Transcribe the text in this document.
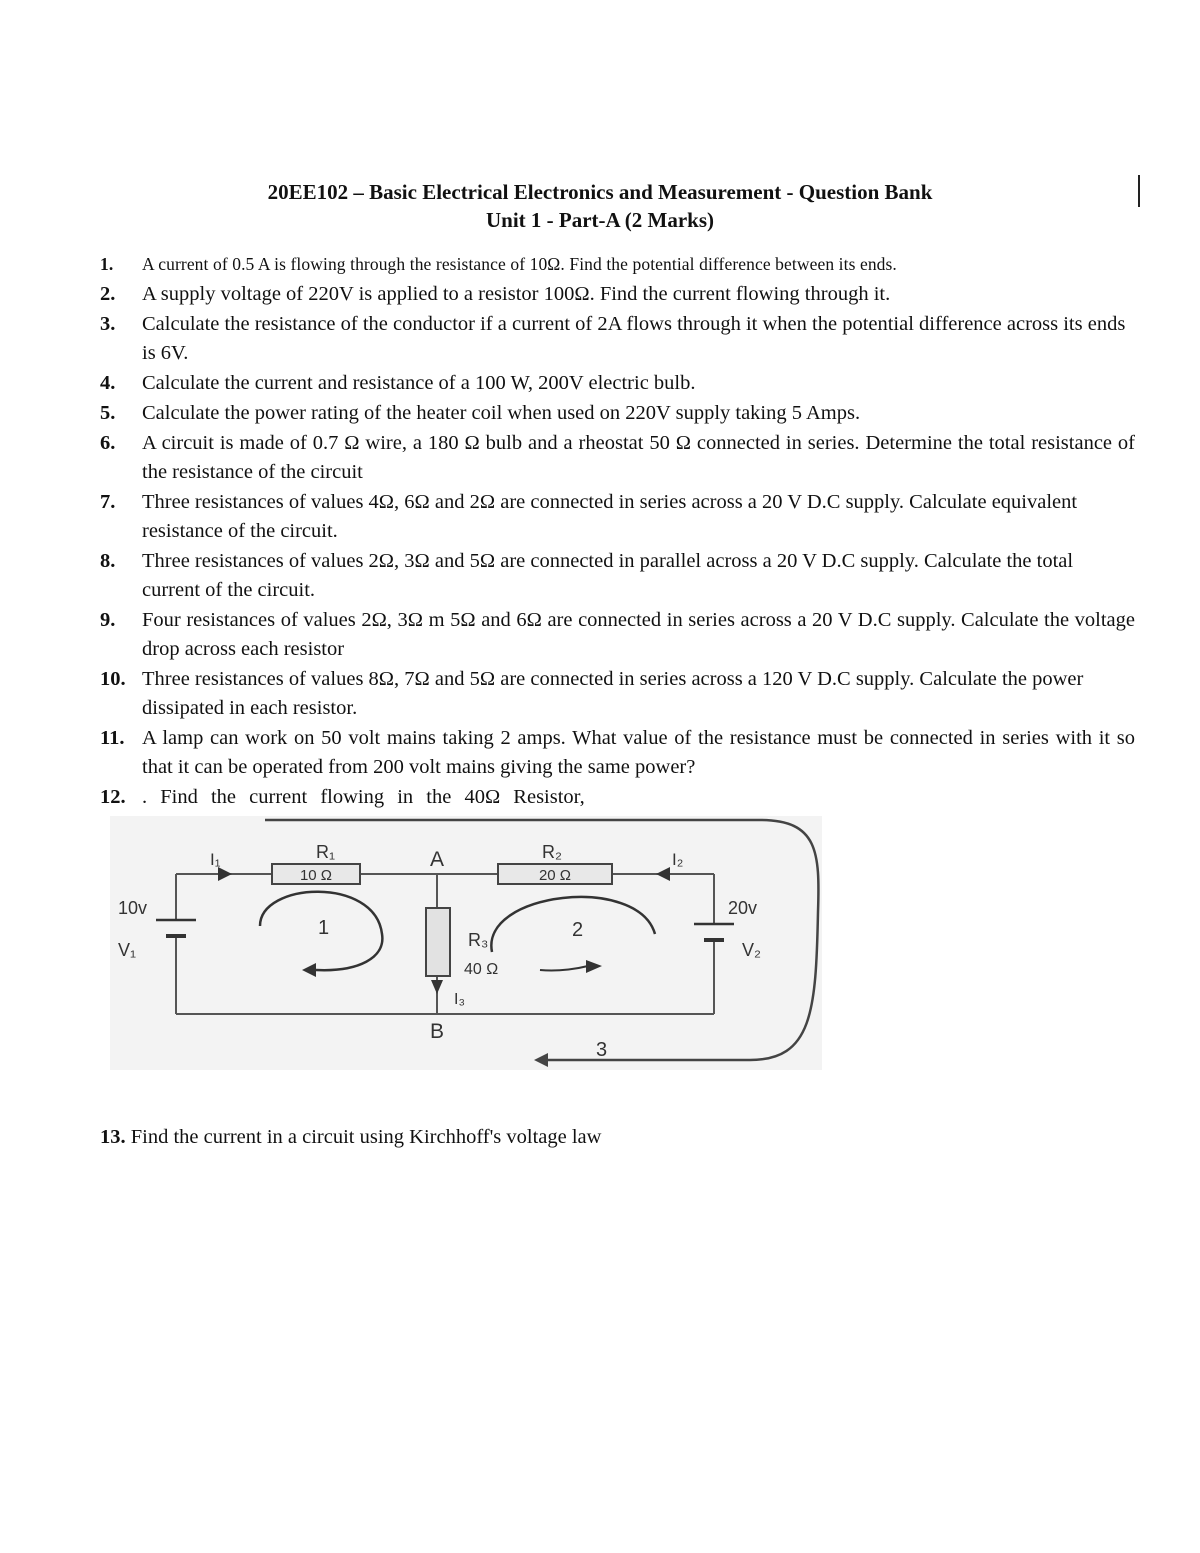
20EE102 – Basic Electrical Electronics and Measurement - Question Bank
Unit 1 - Part-A (2 Marks)
1. A current of 0.5 A is flowing through the resistance of 10Ω. Find the potential difference between its ends.
2. A supply voltage of 220V is applied to a resistor 100Ω. Find the current flowing through it.
3. Calculate the resistance of the conductor if a current of 2A flows through it when the potential difference across its ends is 6V.
4. Calculate the current and resistance of a 100 W, 200V electric bulb.
5. Calculate the power rating of the heater coil when used on 220V supply taking 5 Amps.
6. A circuit is made of 0.7 Ω wire, a 180 Ω bulb and a rheostat 50 Ω connected in series. Determine the total resistance of the resistance of the circuit
7. Three resistances of values 4Ω, 6Ω and 2Ω are connected in series across a 20 V D.C supply. Calculate equivalent resistance of the circuit.
8. Three resistances of values 2Ω, 3Ω and 5Ω are connected in parallel across a 20 V D.C supply. Calculate the total current of the circuit.
9. Four resistances of values 2Ω, 3Ω m 5Ω and 6Ω are connected in series across a 20 V D.C supply. Calculate the voltage drop across each resistor
10. Three resistances of values 8Ω, 7Ω and 5Ω are connected in series across a 120 V D.C supply. Calculate the power dissipated in each resistor.
11. A lamp can work on 50 volt mains taking 2 amps. What value of the resistance must be connected in series with it so that it can be operated from 200 volt mains giving the same power?
12. . Find the current flowing in the 40Ω Resistor,
I₁	R₁
10 Ω
A	R₂
20 Ω
I₂
10v
V₁
20v
V₂
1	2
R₃
40 Ω
I₃
B
3
13. Find the current in a circuit using Kirchhoff's voltage law
